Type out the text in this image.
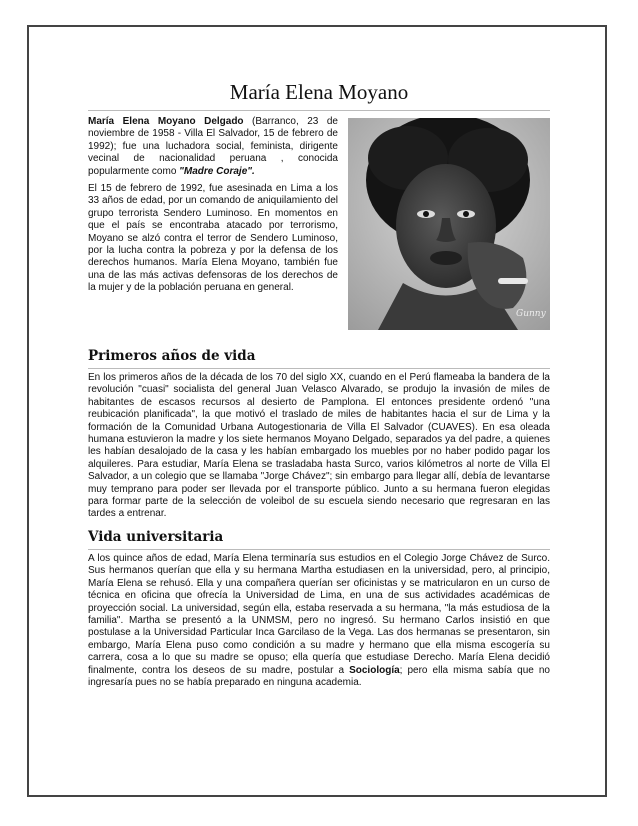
María Elena Moyano

María Elena Moyano Delgado (Barranco, 23 de noviembre de 1958 - Villa El Salvador, 15 de febrero de 1992); fue una luchadora social, feminista, dirigente vecinal de nacionalidad peruana , conocida popularmente como "Madre Coraje".

El 15 de febrero de 1992, fue asesinada en Lima a los 33 años de edad, por un comando de aniquilamiento del grupo terrorista Sendero Luminoso. En momentos en que el país se encontraba atacado por terrorismo, Moyano se alzó contra el terror de Sendero Luminoso, por la lucha contra la pobreza y por la defensa de los derechos humanos. María Elena Moyano, también fue una de las más activas defensoras de los derechos de la mujer y de la población peruana en general.

Gunny
Primeros años de vida

En los primeros años de la década de los 70 del siglo XX, cuando en el Perú flameaba la bandera de la revolución "cuasi" socialista del general Juan Velasco Alvarado, se produjo la invasión de miles de habitantes de escasos recursos al desierto de Pamplona. El entonces presidente ordenó "una reubicación planificada", la que motivó el traslado de miles de habitantes hacia el sur de Lima y la formación de la Comunidad Urbana Autogestionaria de Villa El Salvador (CUAVES). En esa oleada humana estuvieron la madre y los siete hermanos Moyano Delgado, separados ya del padre, a quienes les habían desalojado de la casa y les habían embargado los muebles por no haber podido pagar los alquileres. Para estudiar, María Elena se trasladaba hasta Surco, varios kilómetros al norte de Villa El Salvador, a un colegio que se llamaba "Jorge Chávez"; sin embargo para llegar allí, debía de levantarse muy temprano para poder ser llevada por el transporte público. Junto a su hermana fueron elegidas para formar parte de la selección de voleibol de su escuela siendo necesario que regresaran en las tardes a entrenar.

Vida universitaria

A los quince años de edad, María Elena terminaría sus estudios en el Colegio Jorge Chávez de Surco. Sus hermanos querían que ella y su hermana Martha estudiasen en la universidad, pero, al principio, María Elena se rehusó. Ella y una compañera querían ser oficinistas y se matricularon en un curso de técnica en oficina que ofrecía la Universidad de Lima, en una de sus actividades académicas de proyección social. La universidad, según ella, estaba reservada a su hermana, "la más estudiosa de la familia". Martha se presentó a la UNMSM, pero no ingresó. Su hermano Carlos insistió en que postulase a la Universidad Particular Inca Garcilaso de la Vega. Las dos hermanas se presentaron, sin embargo, María Elena puso como condición a su madre y hermano que ella misma escogería su carrera, cosa a lo que su madre se opuso; ella quería que estudiase Derecho. María Elena decidió finalmente, contra los deseos de su madre, postular a Sociología; pero ella misma sabía que no ingresaría pues no se había preparado en ninguna academia.
